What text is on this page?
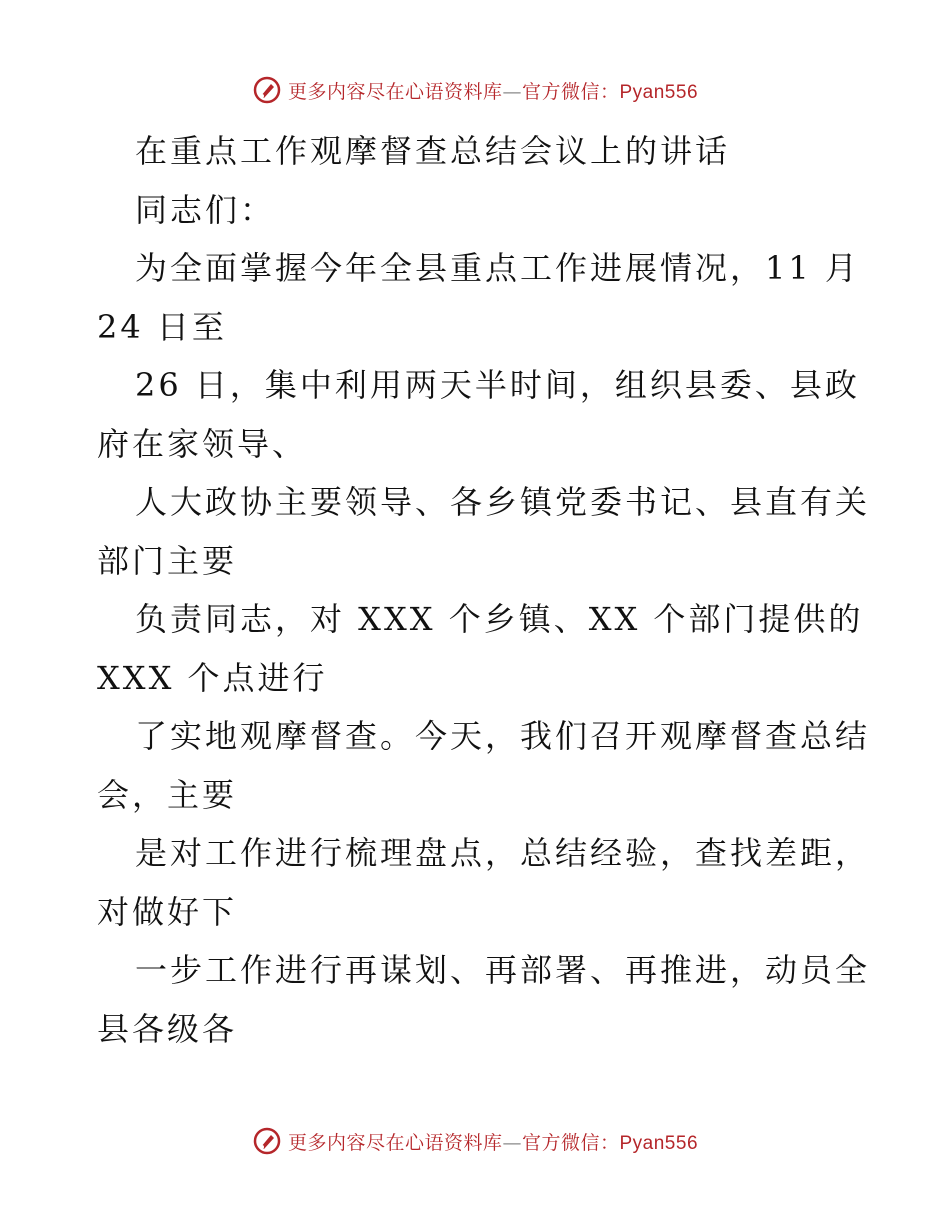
更多内容尽在心语资料库—官方微信：Pyan556
在重点工作观摩督查总结会议上的讲话
同志们：
为全面掌握今年全县重点工作进展情况，11 月
24 日至
26 日，集中利用两天半时间，组织县委、县政
府在家领导、
人大政协主要领导、各乡镇党委书记、县直有关
部门主要
负责同志，对 XXX 个乡镇、XX 个部门提供的
XXX 个点进行
了实地观摩督查。今天，我们召开观摩督查总结
会，主要
是对工作进行梳理盘点，总结经验，查找差距，
对做好下
一步工作进行再谋划、再部署、再推进，动员全
县各级各
更多内容尽在心语资料库—官方微信：Pyan556
